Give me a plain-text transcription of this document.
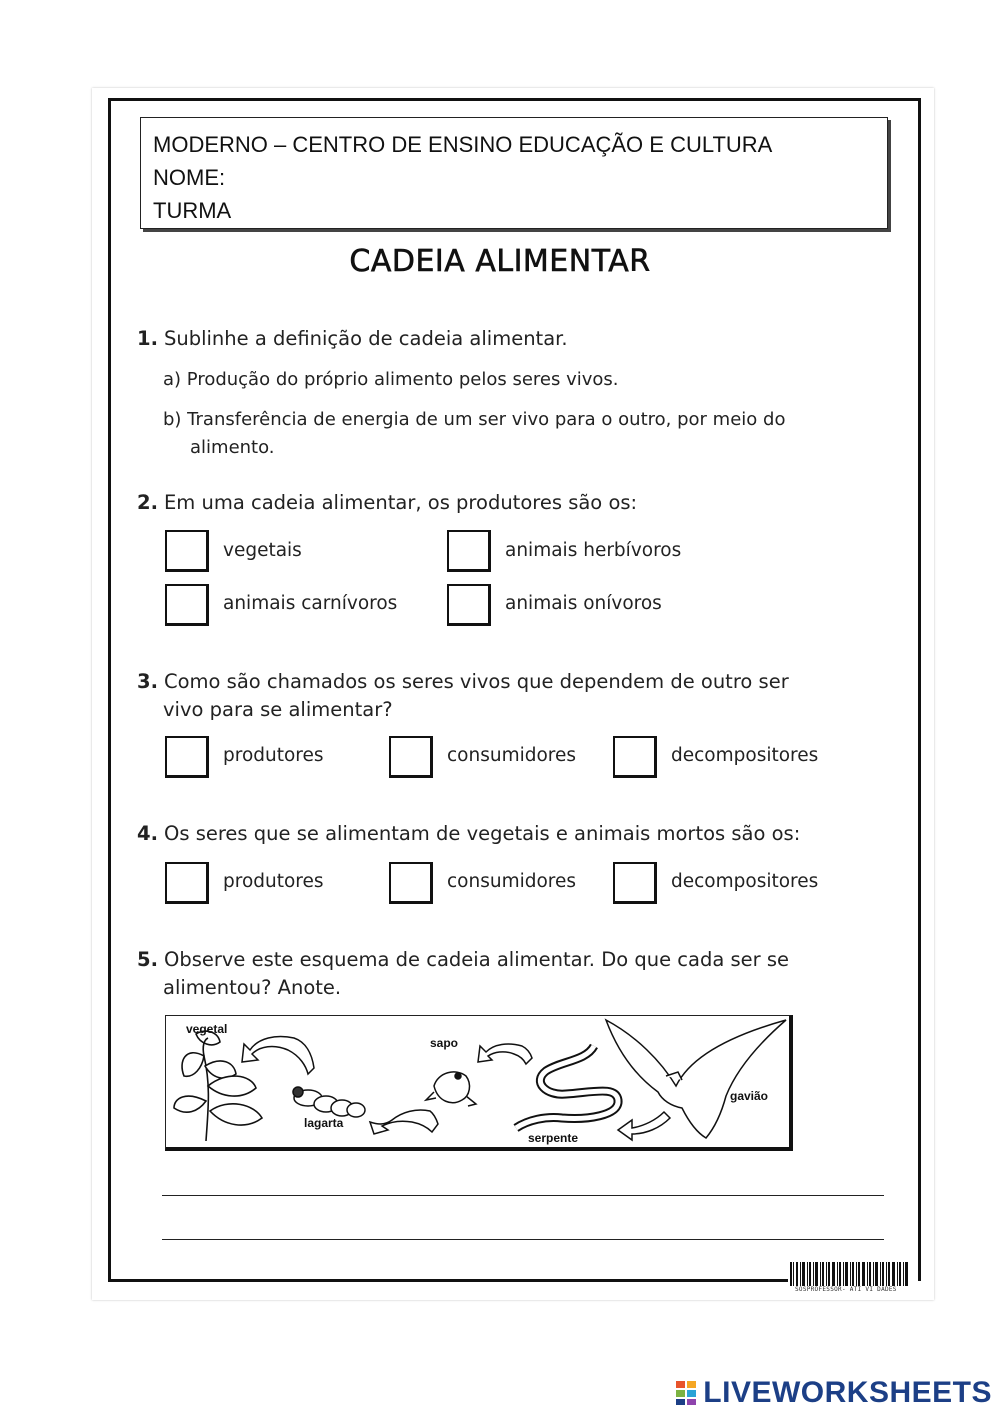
MODERNO – CENTRO DE ENSINO EDUCAÇÃO E CULTURA
NOME:
TURMA
CADEIA ALIMENTAR
1. Sublinhe a definição de cadeia alimentar.
a) Produção do próprio alimento pelos seres vivos.
b) Transferência de energia de um ser vivo para o outro, por meio do
alimento.
2. Em uma cadeia alimentar, os produtores são os:
vegetais	animais herbívoros
animais carnívoros	animais onívoros
3. Como são chamados os seres vivos que dependem de outro ser
vivo para se alimentar?
produtores	consumidores	decompositores
4. Os seres que se alimentam de vegetais e animais mortos são os:
produtores	consumidores	decompositores
5. Observe este esquema de cadeia alimentar. Do que cada ser se
alimentou? Anote.
vegetal
lagarta
sapo
serpente
gavião
SOSPROFESSOR- ATI VI DADES
LIVEWORKSHEETS
